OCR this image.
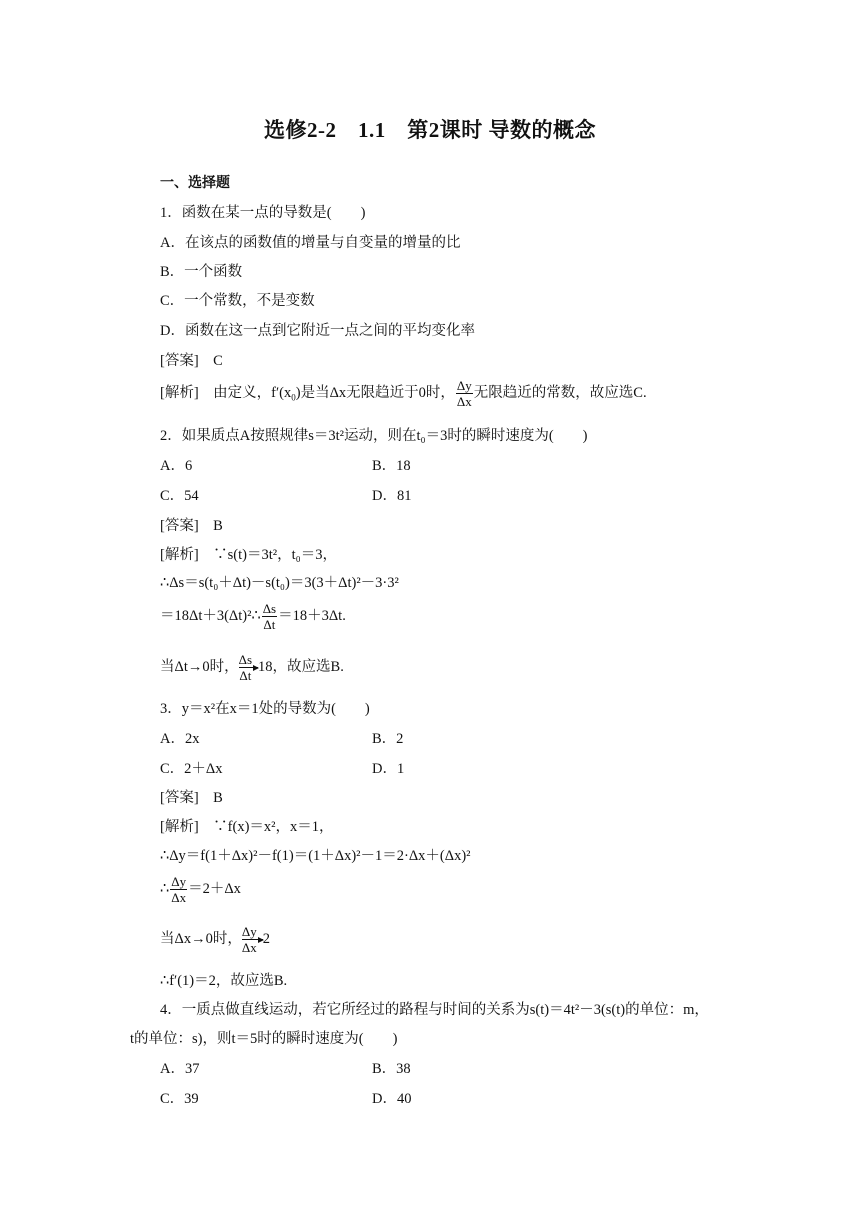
选修2-2　1.1　第2课时 导数的概念
一、选择题
1．函数在某一点的导数是(　　)
A．在该点的函数值的增量与自变量的增量的比
B．一个函数
C．一个常数，不是变数
D．函数在这一点到它附近一点之间的平均变化率
[答案]　C
[解析]　由定义，$f'(x_0)$是当Δx无限趋近于0时， $\frac{\Delta y}{\Delta x}$ 无限趋近的常数，故应选C.
2．如果质点A按照规律s＝3t²运动，则在t₀＝3时的瞬时速度为(　　)
A．6	B．18
C．54	D．81
[答案]　B
[解析]　∵s(t)＝3t²，t₀＝3，
∴Δs＝s(t₀＋Δt)－s(t₀)＝3(3＋Δt)²－3·3²
＝18Δt＋3(Δt)²∴ $\frac{\Delta s}{\Delta t} =18+3\Delta t$.
当Δt→0时， $\frac{\Delta s}{\Delta t} 18$，故应选B.
3．y＝x²在x＝1处的导数为(　　)
A．2x	B．2
C．2＋Δx	D．1
[答案]　B
[解析]　∵f(x)＝x²，x＝1，
∴Δy＝f(1＋Δx)²－f(1)＝(1＋Δx)²－1＝2·Δx＋(Δx)²
∴ $\frac{\Delta y}{\Delta x} =2+\Delta x$
当Δx→0时， $\frac{\Delta y}{\Delta x} 2$
∴f′(1)＝2，故应选B.
4．一质点做直线运动，若它所经过的路程与时间的关系为s(t)＝4t²－3(s(t)的单位：m，
t的单位：s)，则t＝5时的瞬时速度为(　　)
A．37	B．38
C．39	D．40
